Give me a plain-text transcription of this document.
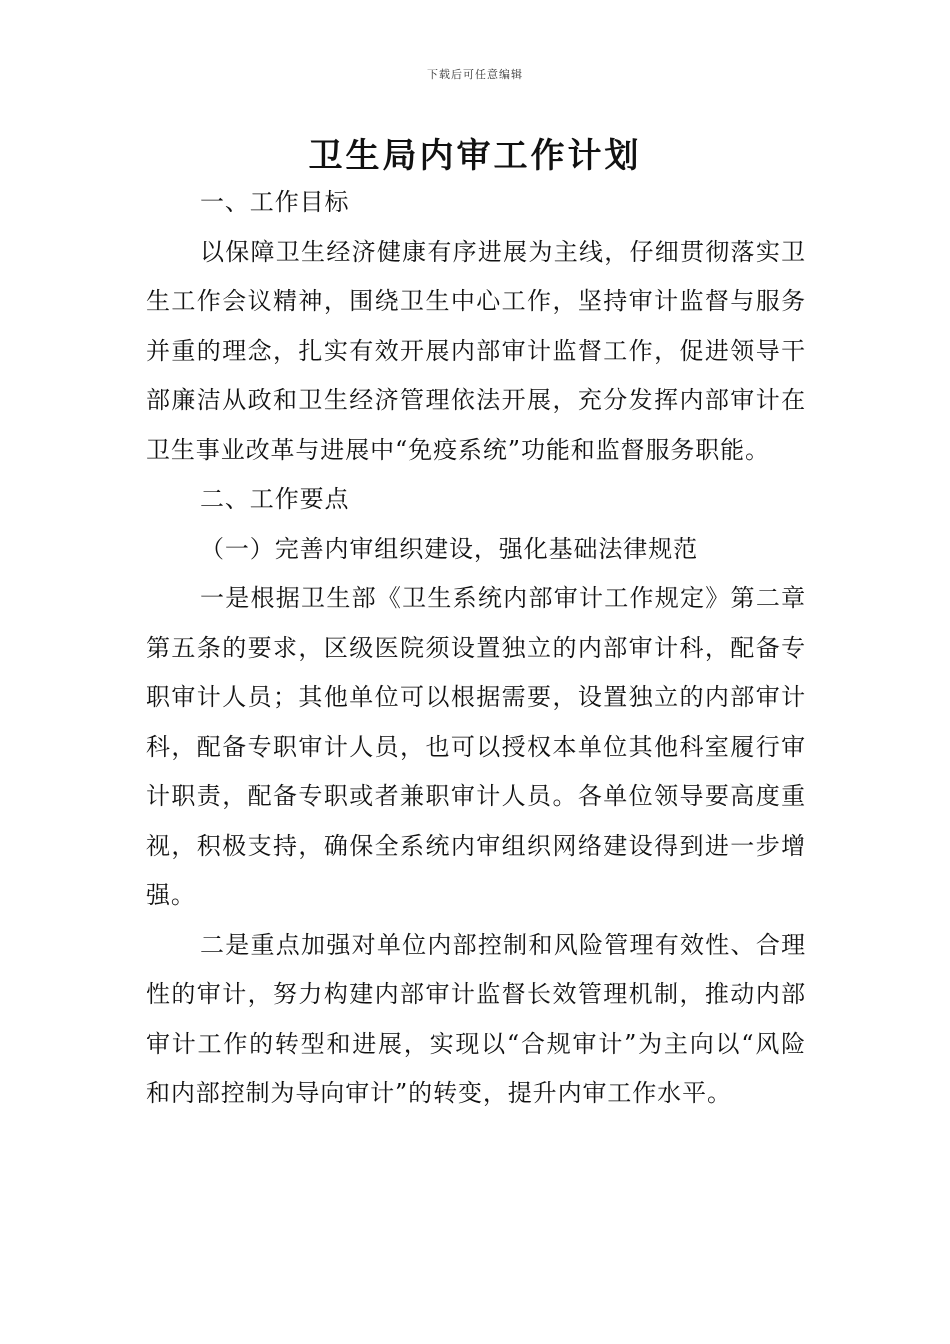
下载后可任意编辑
卫生局内审工作计划

一、工作目标

以保障卫生经济健康有序进展为主线，仔细贯彻落实卫生工作会议精神，围绕卫生中心工作，坚持审计监督与服务并重的理念，扎实有效开展内部审计监督工作，促进领导干部廉洁从政和卫生经济管理依法开展，充分发挥内部审计在卫生事业改革与进展中“免疫系统”功能和监督服务职能。

二、工作要点

（一）完善内审组织建设，强化基础法律规范

一是根据卫生部《卫生系统内部审计工作规定》第二章第五条的要求，区级医院须设置独立的内部审计科，配备专职审计人员；其他单位可以根据需要，设置独立的内部审计科，配备专职审计人员，也可以授权本单位其他科室履行审计职责，配备专职或者兼职审计人员。各单位领导要高度重视，积极支持，确保全系统内审组织网络建设得到进一步增强。

二是重点加强对单位内部控制和风险管理有效性、合理性的审计，努力构建内部审计监督长效管理机制，推动内部审计工作的转型和进展，实现以“合规审计”为主向以“风险和内部控制为导向审计”的转变，提升内审工作水平。
